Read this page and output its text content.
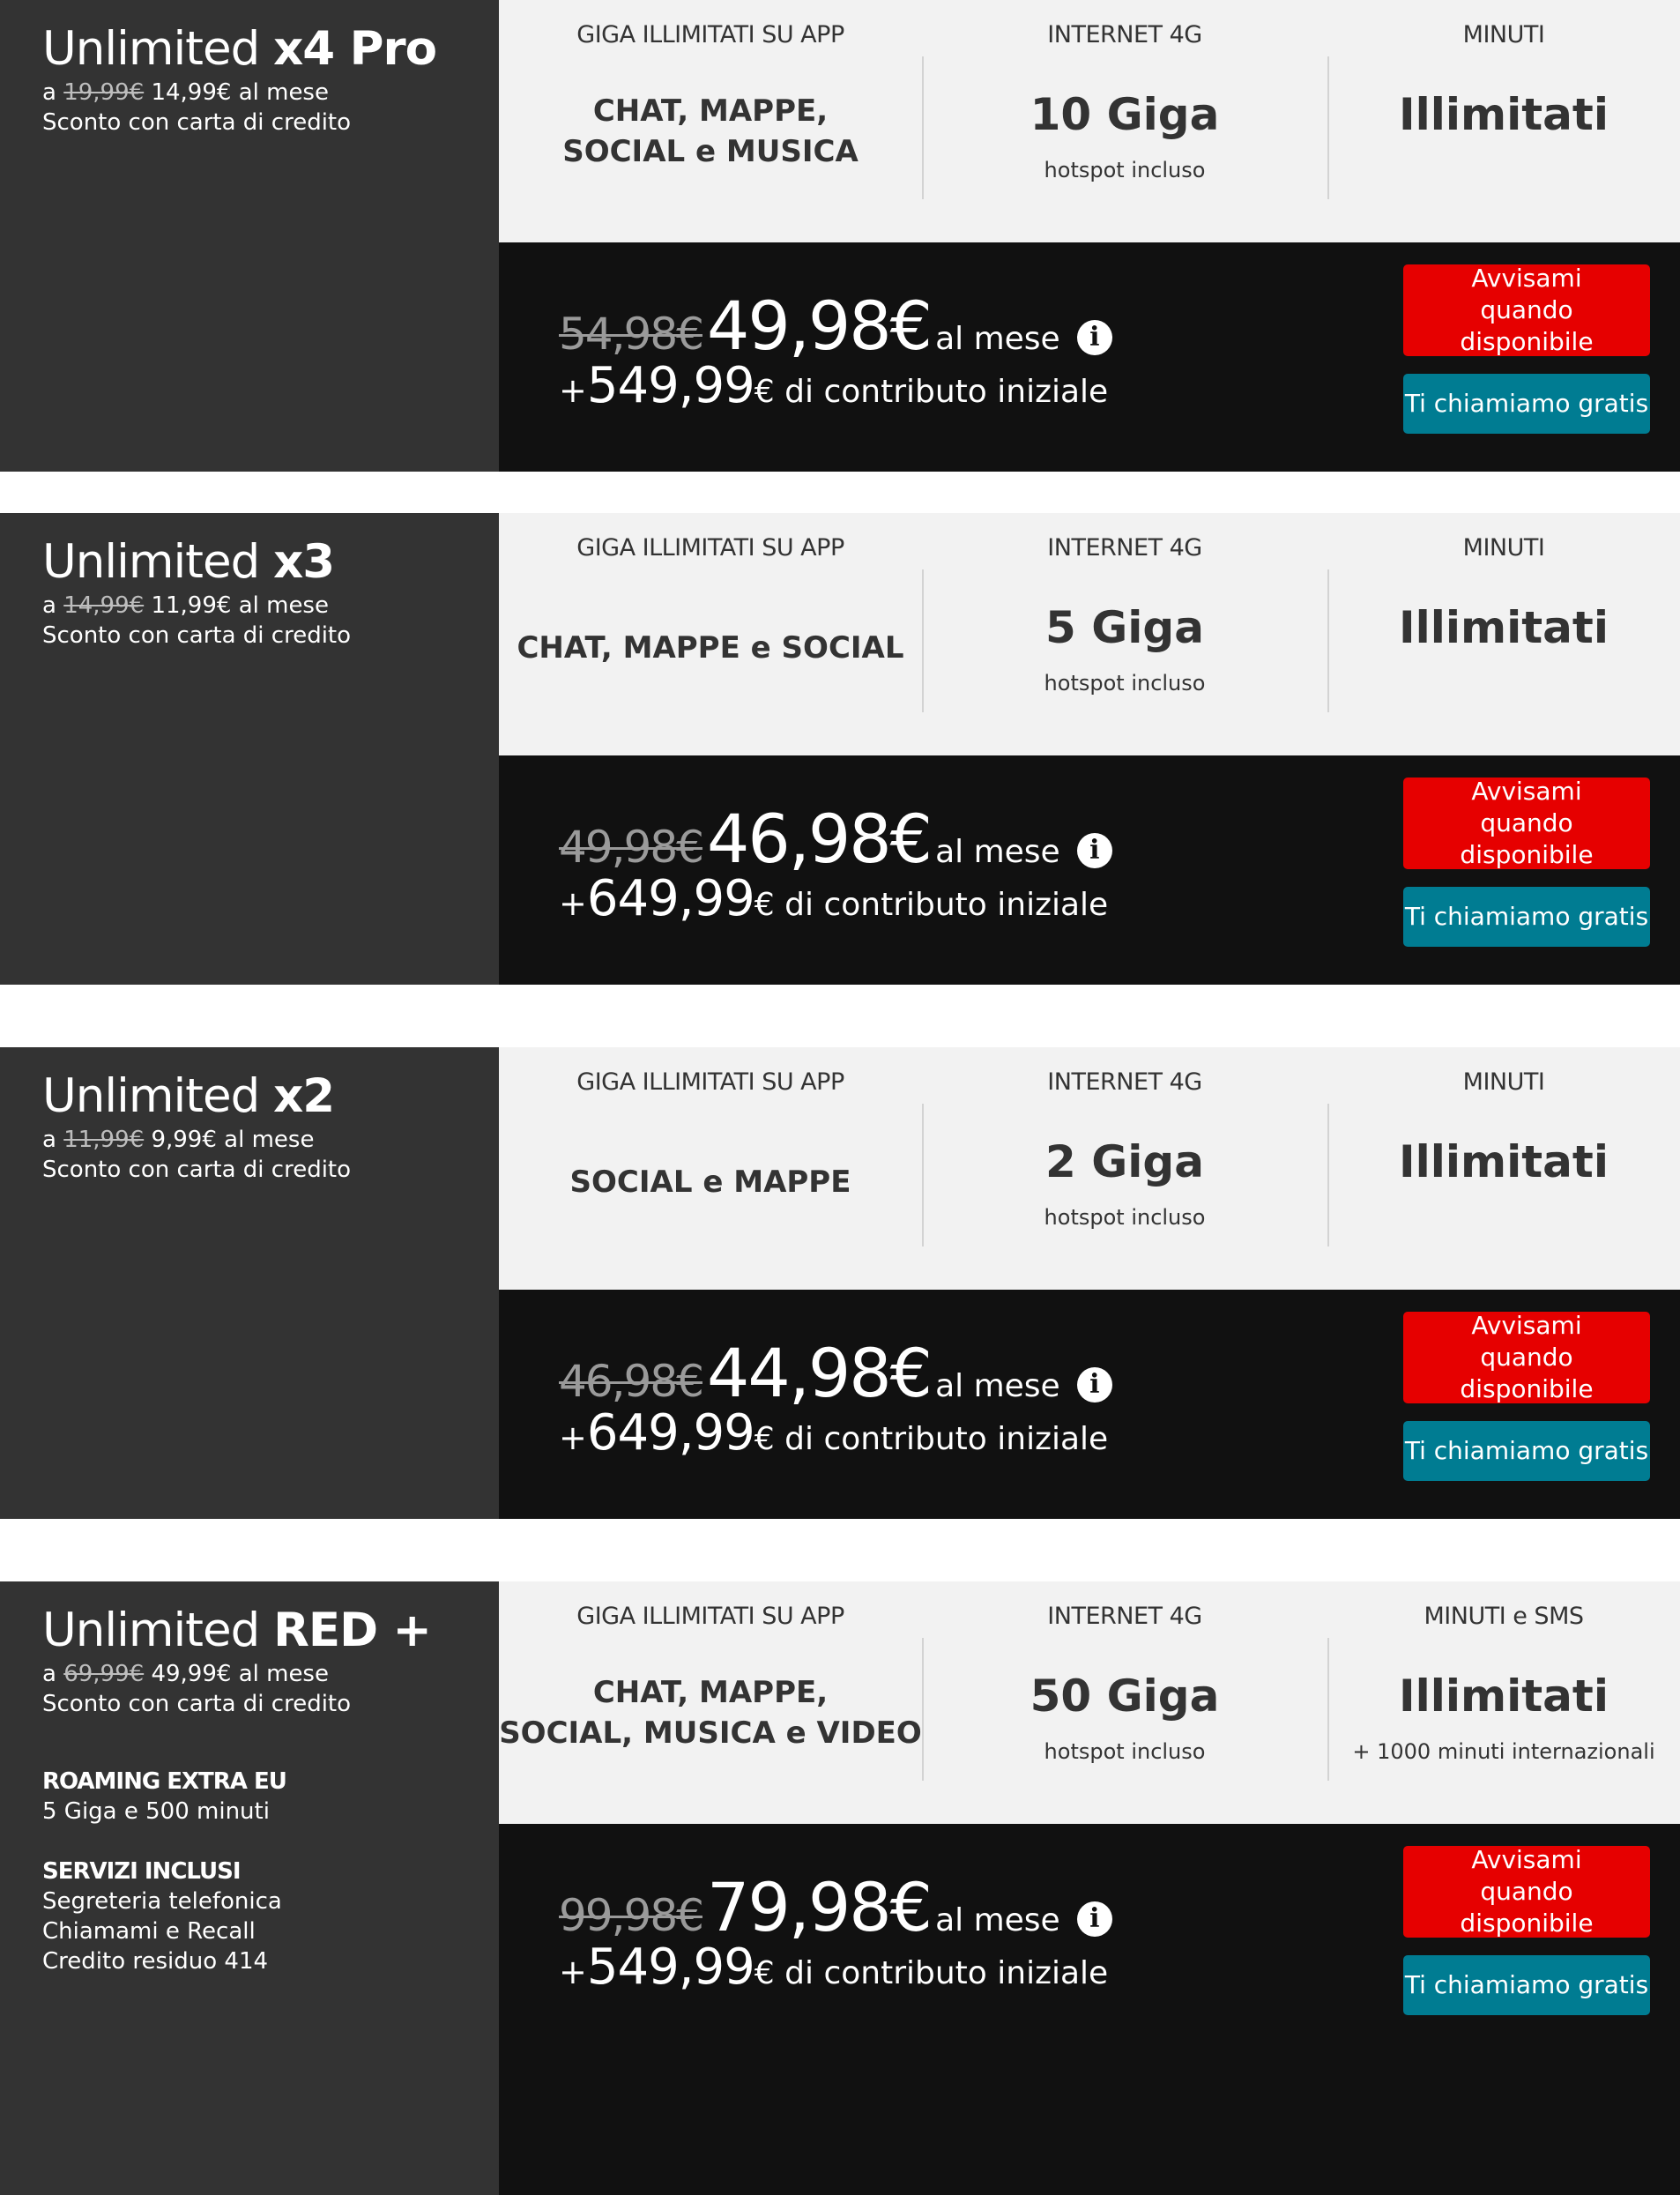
Unlimited x4 Pro
a 19,99€ 14,99€ al mese
Sconto con carta di credito
GIGA ILLIMITATI SU APP
CHAT, MAPPE,
SOCIAL e MUSICA
INTERNET 4G
10 Giga
hotspot incluso
MINUTI
Illimitati
54,98€ 49,98€ al mese i
+549,99€ di contributo iniziale
Avvisami quando disponibile
Ti chiamiamo gratis
Unlimited x3
a 14,99€ 11,99€ al mese
Sconto con carta di credito
GIGA ILLIMITATI SU APP
CHAT, MAPPE e SOCIAL
INTERNET 4G
5 Giga
hotspot incluso
MINUTI
Illimitati
49,98€ 46,98€ al mese i
+649,99€ di contributo iniziale
Avvisami quando disponibile
Ti chiamiamo gratis
Unlimited x2
a 11,99€ 9,99€ al mese
Sconto con carta di credito
GIGA ILLIMITATI SU APP
SOCIAL e MAPPE
INTERNET 4G
2 Giga
hotspot incluso
MINUTI
Illimitati
46,98€ 44,98€ al mese i
+649,99€ di contributo iniziale
Avvisami quando disponibile
Ti chiamiamo gratis
Unlimited RED +
a 69,99€ 49,99€ al mese
Sconto con carta di credito
ROAMING EXTRA EU
5 Giga e 500 minuti
SERVIZI INCLUSI
Segreteria telefonica
Chiamami e Recall
Credito residuo 414
GIGA ILLIMITATI SU APP
CHAT, MAPPE,
SOCIAL, MUSICA e VIDEO
INTERNET 4G
50 Giga
hotspot incluso
MINUTI e SMS
Illimitati
+ 1000 minuti internazionali
99,98€ 79,98€ al mese i
+549,99€ di contributo iniziale
Avvisami quando disponibile
Ti chiamiamo gratis
